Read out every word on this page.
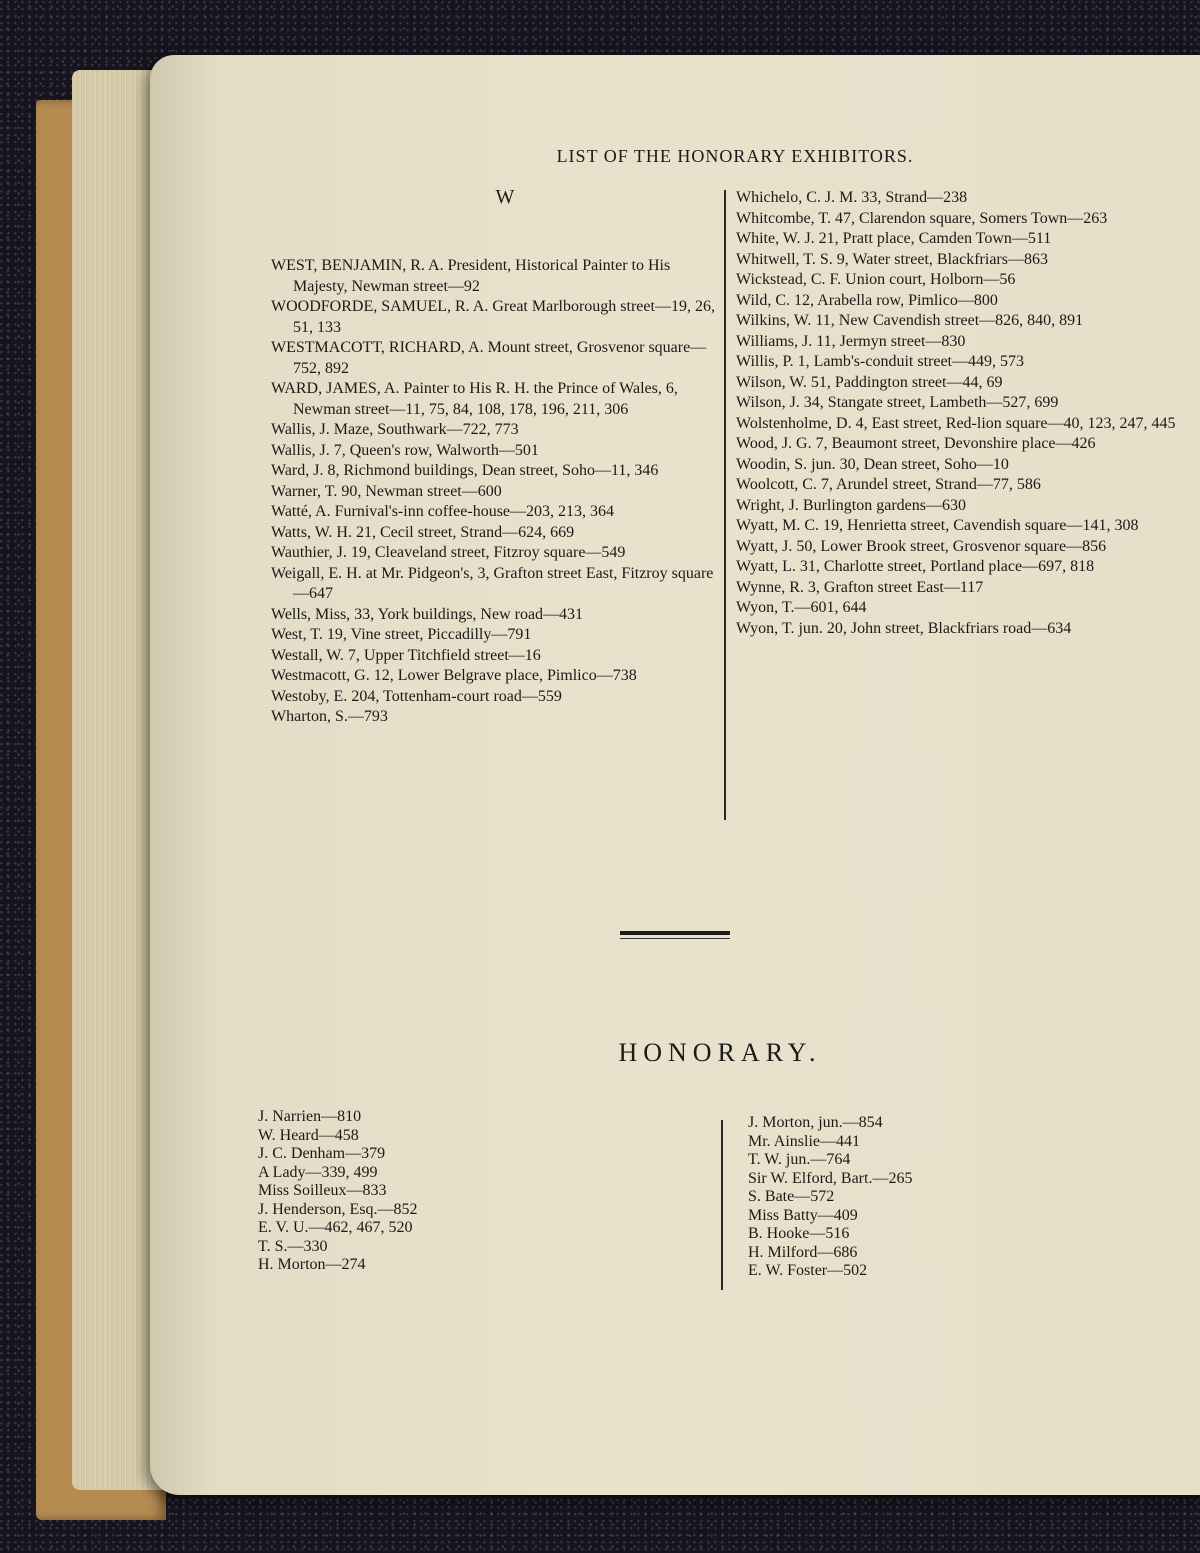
LIST OF THE HONORARY EXHIBITORS.
W
WEST, BENJAMIN, R. A. President, Historical Painter to His Majesty, Newman street—92
WOODFORDE, SAMUEL, R. A. Great Marlborough street—19, 26, 51, 133
WESTMACOTT, RICHARD, A. Mount street, Grosvenor square—752, 892
WARD, JAMES, A. Painter to His R. H. the Prince of Wales, 6, Newman street—11, 75, 84, 108, 178, 196, 211, 306
Wallis, J. Maze, Southwark—722, 773
Wallis, J. 7, Queen's row, Walworth—501
Ward, J. 8, Richmond buildings, Dean street, Soho—11, 346
Warner, T. 90, Newman street—600
Watté, A. Furnival's-inn coffee-house—203, 213, 364
Watts, W. H. 21, Cecil street, Strand—624, 669
Wauthier, J. 19, Cleaveland street, Fitzroy square—549
Weigall, E. H. at Mr. Pidgeon's, 3, Grafton street East, Fitzroy square—647
Wells, Miss, 33, York buildings, New road—431
West, T. 19, Vine street, Piccadilly—791
Westall, W. 7, Upper Titchfield street—16
Westmacott, G. 12, Lower Belgrave place, Pimlico—738
Westoby, E. 204, Tottenham-court road—559
Wharton, S.—793
Whichelo, C. J. M. 33, Strand—238
Whitcombe, T. 47, Clarendon square, Somers Town—263
White, W. J. 21, Pratt place, Camden Town—511
Whitwell, T. S. 9, Water street, Blackfriars—863
Wickstead, C. F. Union court, Holborn—56
Wild, C. 12, Arabella row, Pimlico—800
Wilkins, W. 11, New Cavendish street—826, 840, 891
Williams, J. 11, Jermyn street—830
Willis, P. 1, Lamb's-conduit street—449, 573
Wilson, W. 51, Paddington street—44, 69
Wilson, J. 34, Stangate street, Lambeth—527, 699
Wolstenholme, D. 4, East street, Red-lion square—40, 123, 247, 445
Wood, J. G. 7, Beaumont street, Devonshire place—426
Woodin, S. jun. 30, Dean street, Soho—10
Woolcott, C. 7, Arundel street, Strand—77, 586
Wright, J. Burlington gardens—630
Wyatt, M. C. 19, Henrietta street, Cavendish square—141, 308
Wyatt, J. 50, Lower Brook street, Grosvenor square—856
Wyatt, L. 31, Charlotte street, Portland place—697, 818
Wynne, R. 3, Grafton street East—117
Wyon, T.—601, 644
Wyon, T. jun. 20, John street, Blackfriars road—634
HONORARY.
J. Narrien—810
W. Heard—458
J. C. Denham—379
A Lady—339, 499
Miss Soilleux—833
J. Henderson, Esq.—852
E. V. U.—462, 467, 520
T. S.—330
H. Morton—274
J. Morton, jun.—854
Mr. Ainslie—441
T. W. jun.—764
Sir W. Elford, Bart.—265
S. Bate—572
Miss Batty—409
B. Hooke—516
H. Milford—686
E. W. Foster—502
